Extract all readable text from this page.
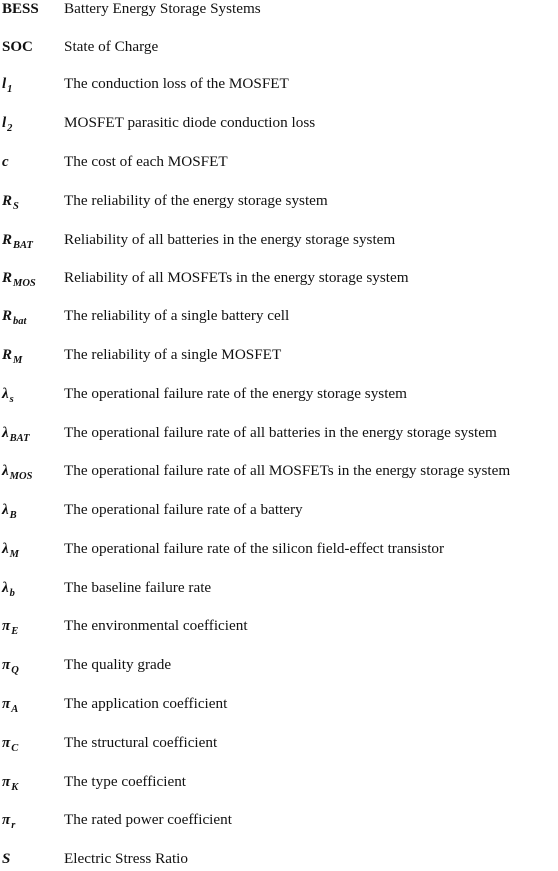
BESS	Battery Energy Storage Systems
SOC	State of Charge
$l_1$	The conduction loss of the MOSFET
$l_2$	MOSFET parasitic diode conduction loss
c	The cost of each MOSFET
$R_S$	The reliability of the energy storage system
$R_{BAT}$	Reliability of all batteries in the energy storage system
$R_{MOS}$	Reliability of all MOSFETs in the energy storage system
$R_{bat}$	The reliability of a single battery cell
$R_M$	The reliability of a single MOSFET
$\lambda_s$	The operational failure rate of the energy storage system
$\lambda_{BAT}$	The operational failure rate of all batteries in the energy storage system
$\lambda_{MOS}$	The operational failure rate of all MOSFETs in the energy storage system
$\lambda_B$	The operational failure rate of a battery
$\lambda_M$	The operational failure rate of the silicon field-effect transistor
$\lambda_b$	The baseline failure rate
$\pi_E$	The environmental coefficient
$\pi_Q$	The quality grade
$\pi_A$	The application coefficient
$\pi_C$	The structural coefficient
$\pi_K$	The type coefficient
$\pi_r$	The rated power coefficient
S	Electric Stress Ratio
